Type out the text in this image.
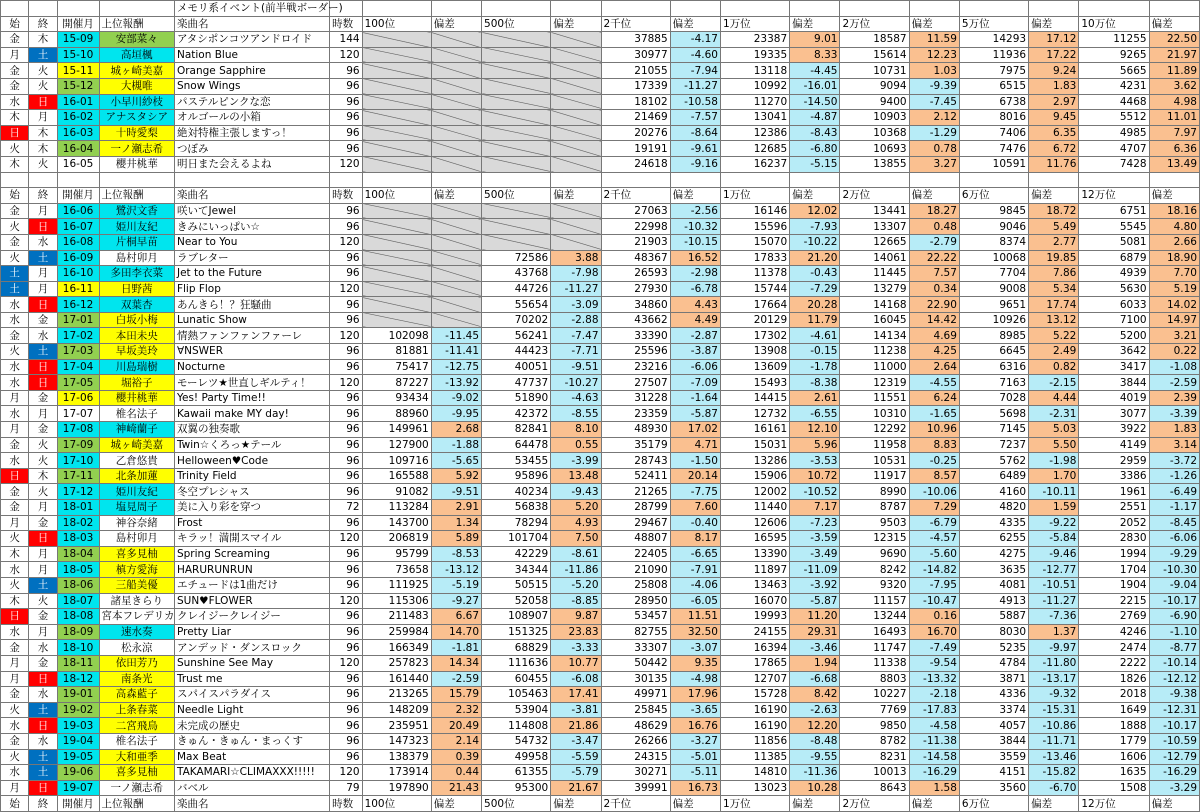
				メモリ系イベント(前半戦ボーダー)															
始	終	開催月	上位報酬	楽曲名	時数	100位	偏差	500位	偏差	2千位	偏差	1万位	偏差	2万位	偏差	5万位	偏差	10万位	偏差
金	木	15-09	安部菜々	アタシポンコツアンドロイド	144					37885	-4.17	23387	9.01	18587	11.59	14293	17.12	11255	22.50
月	土	15-10	高垣楓	Nation Blue	120					30977	-4.60	19335	8.33	15614	12.23	11936	17.22	9265	21.97
金	火	15-11	城ヶ崎美嘉	Orange Sapphire	96					21055	-7.94	13118	-4.45	10731	1.03	7975	9.24	5665	11.89
金	火	15-12	大槻唯	Snow Wings	96					17339	-11.27	10992	-16.01	9094	-9.39	6515	1.83	4231	3.62
水	日	16-01	小早川紗枝	パステルピンクな恋	96					18102	-10.58	11270	-14.50	9400	-7.45	6738	2.97	4468	4.98
木	月	16-02	アナスタシア	オルゴールの小箱	96					21469	-7.57	13041	-4.87	10903	2.12	8016	9.45	5512	11.01
日	木	16-03	十時愛梨	絶対特権主張しますっ！	96					20276	-8.64	12386	-8.43	10368	-1.29	7406	6.35	4985	7.97
火	木	16-04	一ノ瀬志希	つぼみ	96					19191	-9.61	12685	-6.80	10693	0.78	7476	6.72	4707	6.36
木	火	16-05	櫻井桃華	明日また会えるよね	120					24618	-9.16	16237	-5.15	13855	3.27	10591	11.76	7428	13.49

始	終	開催月	上位報酬	楽曲名	時数	100位	偏差	500位	偏差	2千位	偏差	1万位	偏差	2万位	偏差	6万位	偏差	12万位	偏差
金	月	16-06	鷺沢文香	咲いてJewel	96					27063	-2.56	16146	12.02	13441	18.27	9845	18.72	6751	18.16
火	日	16-07	姫川友紀	きみにいっぱい☆	96					22998	-10.32	15596	-7.93	13307	0.48	9046	5.49	5545	4.80
金	水	16-08	片桐早苗	Near to You	120					21903	-10.15	15070	-10.22	12665	-2.79	8374	2.77	5081	2.66
火	土	16-09	島村卯月	ラブレター	96			72586	3.88	48367	16.52	17833	21.20	14061	22.22	10068	19.85	6879	18.90
土	月	16-10	多田李衣菜	Jet to the Future	96			43768	-7.98	26593	-2.98	11378	-0.43	11445	7.57	7704	7.86	4939	7.70
土	月	16-11	日野茜	Flip Flop	120			44726	-11.27	27930	-6.78	15744	-7.29	13279	0.34	9008	5.34	5630	5.19
水	日	16-12	双葉杏	あんきら！？狂騒曲	96			55654	-3.09	34860	4.43	17664	20.28	14168	22.90	9651	17.74	6033	14.02
水	金	17-01	白坂小梅	Lunatic Show	96			70202	-2.88	43662	4.49	20129	11.79	16045	14.42	10926	13.12	7100	14.97
金	水	17-02	本田未央	情熱ファンファンファーレ	120	102098	-11.45	56241	-7.47	33390	-2.87	17302	-4.61	14134	4.69	8985	5.22	5200	3.21
火	土	17-03	早坂美玲	∀NSWER	96	81881	-11.41	44423	-7.71	25596	-3.87	13908	-0.15	11238	4.25	6645	2.49	3642	0.22
水	日	17-04	川島瑞樹	Nocturne	96	75417	-12.75	40051	-9.51	23216	-6.06	13609	-1.78	11000	2.64	6316	0.82	3417	-1.08
水	日	17-05	堀裕子	モーレツ★世直しギルティ！	120	87227	-13.92	47737	-10.27	27507	-7.09	15493	-8.38	12319	-4.55	7163	-2.15	3844	-2.59
月	金	17-06	櫻井桃華	Yes! Party Time!!	96	93434	-9.02	51890	-4.63	31228	-1.64	14415	2.61	11551	6.24	7028	4.44	4019	2.39
水	月	17-07	椎名法子	Kawaii make MY day!	96	88960	-9.95	42372	-8.55	23359	-5.87	12732	-6.55	10310	-1.65	5698	-2.31	3077	-3.39
月	金	17-08	神崎蘭子	双翼の独奏歌	96	149961	2.68	82841	8.10	48930	17.02	16161	12.10	12292	10.96	7145	5.03	3922	1.83
金	火	17-09	城ヶ崎美嘉	Twin☆くろっ★テール	96	127900	-1.88	64478	0.55	35179	4.71	15031	5.96	11958	8.83	7237	5.50	4149	3.14
水	火	17-10	乙倉悠貴	Helloween♥Code	96	109716	-5.65	53455	-3.99	28743	-1.50	13286	-3.53	10531	-0.25	5762	-1.98	2959	-3.72
日	木	17-11	北条加蓮	Trinity Field	96	165588	5.92	95896	13.48	52411	20.14	15906	10.72	11917	8.57	6489	1.70	3386	-1.26
金	火	17-12	姫川友紀	冬空プレシャス	96	91082	-9.51	40234	-9.43	21265	-7.75	12002	-10.52	8990	-10.06	4160	-10.11	1961	-6.49
金	月	18-01	塩見周子	美に入り彩を穿つ	72	113284	2.91	56838	5.20	28799	7.60	11440	7.17	8787	7.29	4820	1.59	2551	-1.17
月	金	18-02	神谷奈緒	Frost	96	143700	1.34	78294	4.93	29467	-0.40	12606	-7.23	9503	-6.79	4335	-9.22	2052	-8.45
火	日	18-03	島村卯月	キラッ！満開スマイル	120	206819	5.89	101704	7.50	48807	8.17	16595	-3.59	12315	-4.57	6255	-5.84	2830	-6.06
木	月	18-04	喜多見柚	Spring Screaming	96	95799	-8.53	42229	-8.61	22405	-6.65	13390	-3.49	9690	-5.60	4275	-9.46	1994	-9.29
水	月	18-05	槙方愛海	HARURUNRUN	96	73658	-13.12	34344	-11.86	21090	-7.91	11897	-11.09	8242	-14.82	3635	-12.77	1704	-10.30
火	土	18-06	三船美優	エチュードは1曲だけ	96	111925	-5.19	50515	-5.20	25808	-4.06	13463	-3.92	9320	-7.95	4081	-10.51	1904	-9.04
木	火	18-07	諸星きらり	SUN♥FLOWER	120	115306	-9.27	52058	-8.85	28950	-6.05	16070	-5.87	11157	-10.47	4913	-11.27	2215	-10.17
日	金	18-08	宮本フレデリカ	クレイジークレイジー	96	211483	6.67	108907	9.87	53457	11.51	19993	11.20	13244	0.16	5887	-7.36	2769	-6.90
水	月	18-09	速水奏	Pretty Liar	96	259984	14.70	151325	23.83	82755	32.50	24155	29.31	16493	16.70	8030	1.37	4246	-1.10
金	水	18-10	松永涼	アンデッド・ダンスロック	96	166349	-1.81	68829	-3.33	33307	-3.07	16394	-3.46	11747	-7.49	5235	-9.97	2474	-8.77
月	金	18-11	依田芳乃	Sunshine See May	120	257823	14.34	111636	10.77	50442	9.35	17865	1.94	11338	-9.54	4784	-11.80	2222	-10.14
月	日	18-12	南条光	Trust me	96	161440	-2.59	60455	-6.08	30135	-4.98	12707	-6.68	8803	-13.32	3871	-13.17	1826	-12.12
金	水	19-01	高森藍子	スパイスパラダイス	96	213265	15.79	105463	17.41	49971	17.96	15728	8.42	10227	-2.18	4336	-9.32	2018	-9.38
火	土	19-02	上条春菜	Needle Light	96	148209	2.32	53904	-3.81	25845	-3.65	16190	-2.63	7769	-17.83	3374	-15.31	1649	-12.31
水	日	19-03	二宮飛鳥	未完成の歴史	96	235951	20.49	114808	21.86	48629	16.76	16190	12.20	9850	-4.58	4057	-10.86	1888	-10.17
金	水	19-04	椎名法子	きゅん・きゅん・まっくす	96	147323	2.14	54732	-3.47	26266	-3.27	11856	-8.48	8782	-11.38	3844	-11.71	1779	-10.59
火	土	19-05	大和亜季	Max Beat	96	138379	0.39	49958	-5.59	24315	-5.01	11385	-9.55	8231	-14.58	3559	-13.46	1606	-12.79
水	土	19-06	喜多見柚	TAKAMARI☆CLIMAXXX!!!!!	120	173914	0.44	61355	-5.79	30271	-5.11	14810	-11.36	10013	-16.29	4151	-15.82	1635	-16.29
月	日	19-07	一ノ瀬志希	バベル	79	197890	21.43	95300	21.67	39991	16.73	13023	10.28	8643	1.58	3560	-6.70	1508	-3.29
始	終	開催月	上位報酬	楽曲名	時数	100位	偏差	500位	偏差	2千位	偏差	1万位	偏差	2万位	偏差	6万位	偏差	12万位	偏差
